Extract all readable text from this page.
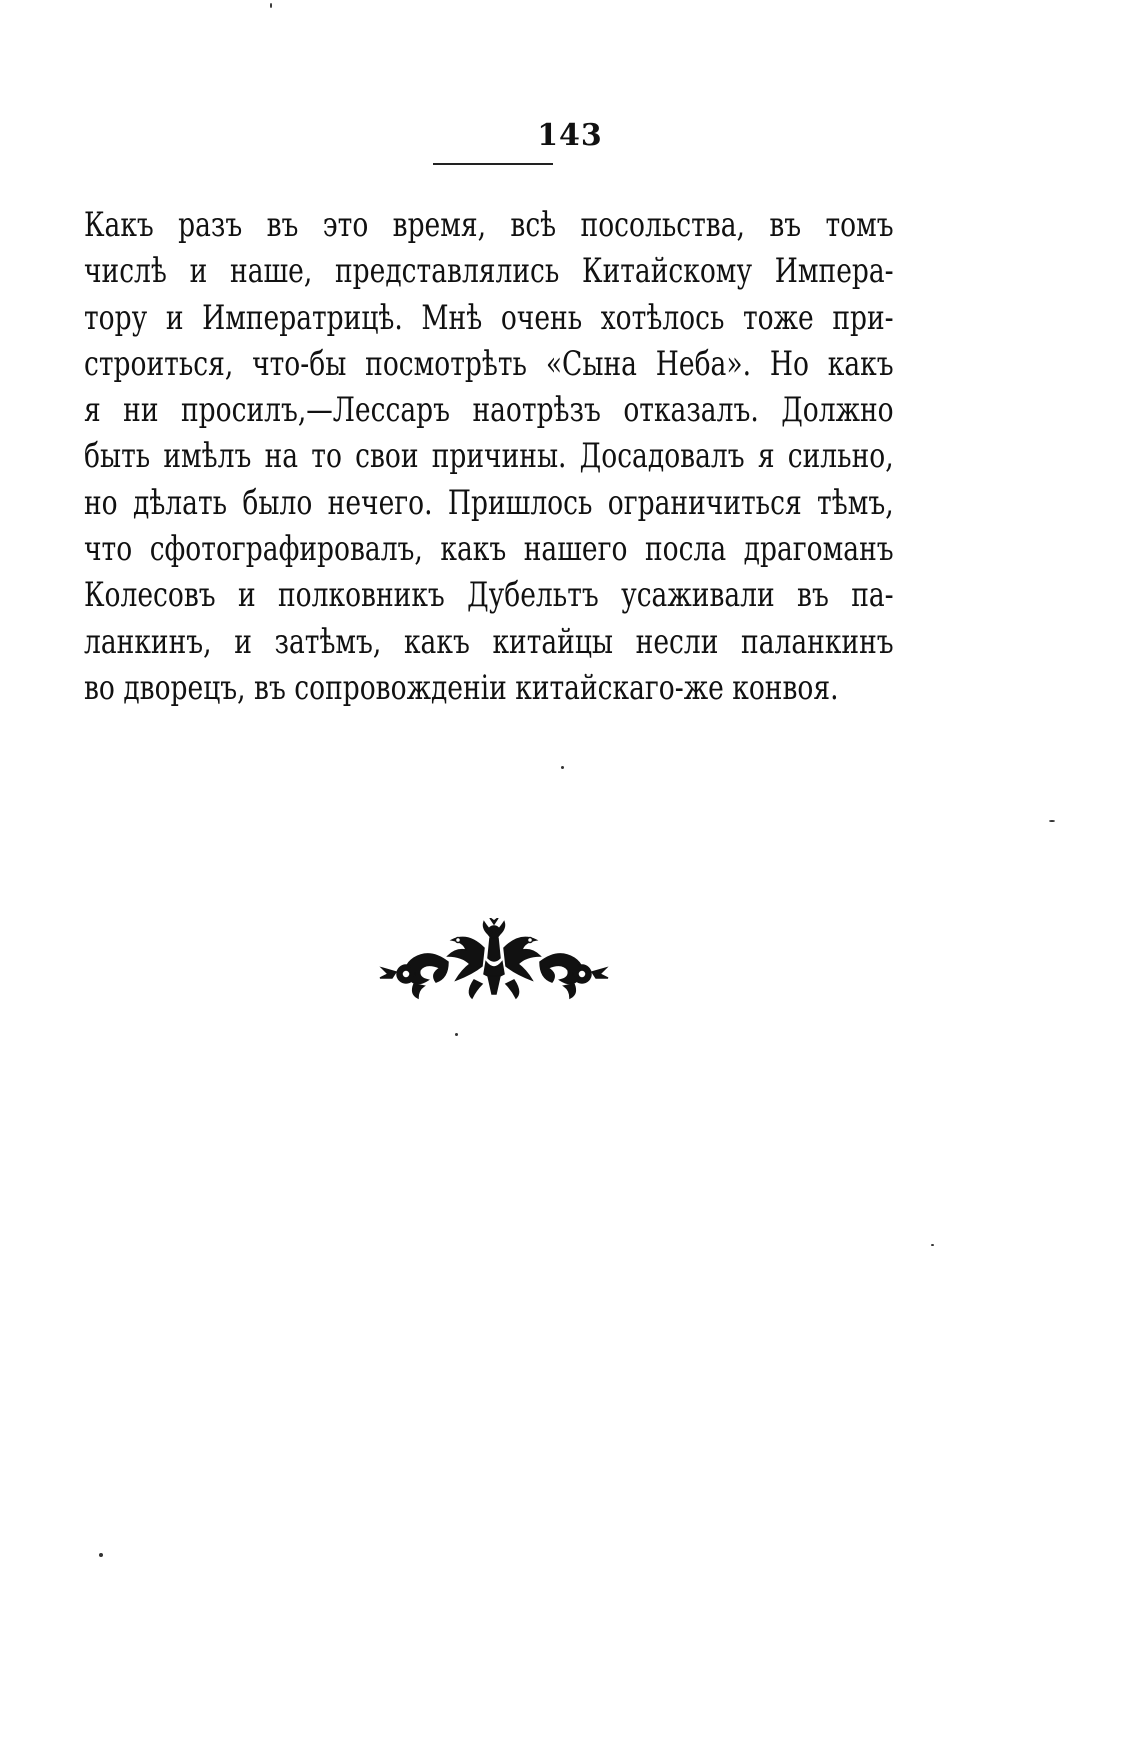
143
Какъ разъ въ это время, всѣ посольства, въ томъ
числѣ и наше, представлялись Китайскому Импера-
тору и Императрицѣ. Мнѣ очень хотѣлось тоже при-
строиться, что-бы посмотрѣть «Сына Неба». Но какъ
я ни просилъ,—Лессаръ наотрѣзъ отказалъ. Должно
быть имѣлъ на то свои причины. Досадовалъ я сильно,
но дѣлать было нечего. Пришлось ограничиться тѣмъ,
что сфотографировалъ, какъ нашего посла драгоманъ
Колесовъ и полковникъ Дубельтъ усаживали въ па-
ланкинъ, и затѣмъ, какъ китайцы несли паланкинъ
во дворецъ, въ сопровожденіи китайскаго-же конвоя.
